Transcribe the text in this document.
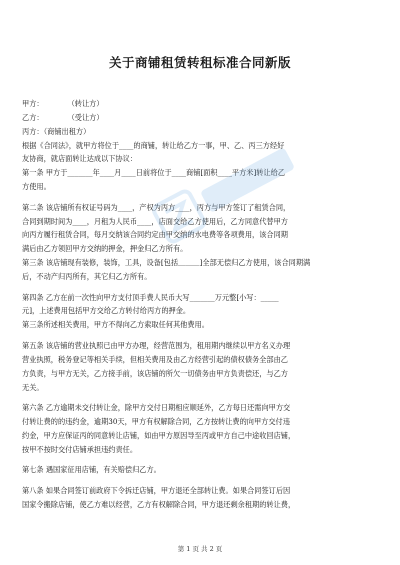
关于商铺租赁转租标准合同新版
甲方：	（转让方）
乙方：	（受让方）
丙方：（商铺出租方）
根据《合同法》，就甲方将位于____的商铺，转让给乙方一事，甲、乙、丙三方经好
友协商，就店面转让达成以下协议：
第一条 甲方于_______年____月____日前将位于____商铺[面积____平方米]转让给乙
方使用。
第二条 该店铺所有权证号码为____，产权为丙方____，丙方与甲方签订了租赁合同，
合同到期时间为____，月租为人民币____，店面交给乙方使用后，乙方同意代替甲方
向丙方履行租赁合同，每月交纳该合同约定由甲交纳的水电费等各项费用，该合同期
满后由乙方领回甲方交纳的押金，押金归乙方所有。
第三条 该店铺现有装修，装饰，工具，设备[包括＿＿＿]全部无偿归乙方使用，该合同期满
后，不动产归丙所有，其它归乙方所有。
第四条 乙方在前一次性向甲方支付顶手费人民币大写_______万元整[小写：_____
元]，上述费用包括甲方交给乙方转付给丙方的押金。
第三条所述相关费用，甲方不得向乙方索取任何其他费用。
第五条 该店铺的营业执照已由甲方办理，经营范围为，租用期内继续以甲方名义办理
营业执照，税务登记等相关手续，但相关费用及由乙方经营引起的债权债务全部由乙
方负责，与甲方无关，乙方接手前，该店铺的所欠一切债务由甲方负责偿还，与乙方
无关。
第六条 乙方逾期未交付转让金，除甲方交付日期相应顺延外，乙方每日还需向甲方交
付转让费的的违约金，逾期30天，甲方有权解除合同，乙方按转让费的向甲方交付违
约金，甲方应保证丙的同意转让店铺，如由甲方原因导至丙或甲方自己中途收回店铺，
按甲不按时交付店铺承担违约责任。
第七条 遇国家征用店铺，有关赔偿归乙方。
第八条 如果合同签订前政府下令拆迁店铺，甲方退还全部转让费。如果合同签订后因
国家令搬除店铺，使乙方难以经营，乙方有权解除合同，甲方退还剩余租期的转让费，
第 1 页 共 2 页
